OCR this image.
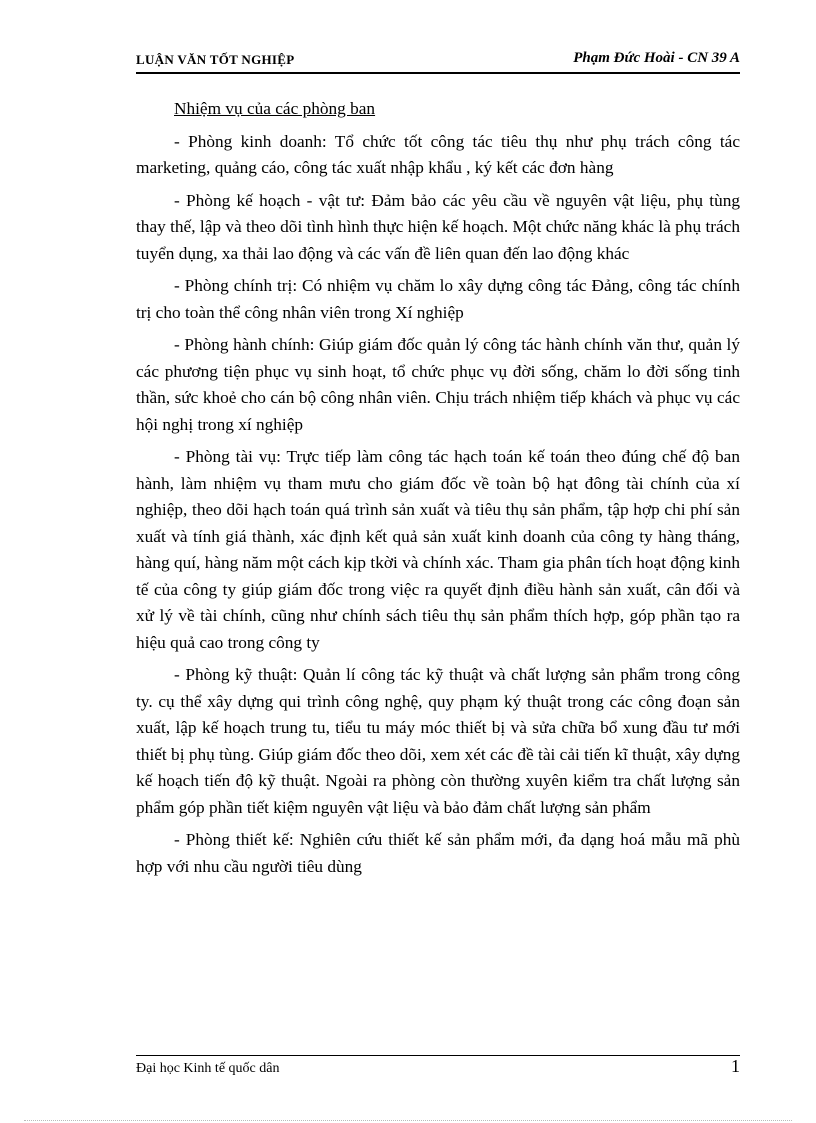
LUẬN VĂN TỐT NGHIỆP	Phạm Đức Hoài - CN 39 A

Nhiệm vụ của các phòng ban

- Phòng kinh doanh: Tổ chức tốt công tác tiêu thụ như phụ trách công tác marketing, quảng cáo, công tác xuất nhập khẩu , ký kết các đơn hàng

- Phòng kế hoạch - vật tư: Đảm bảo các yêu cầu về nguyên vật liệu, phụ tùng thay thế, lập và theo dõi tình hình thực hiện kế hoạch. Một chức năng khác là phụ trách tuyển dụng, xa thải lao động và các vấn đề liên quan đến lao động khác

- Phòng chính trị: Có nhiệm vụ chăm lo xây dựng công tác Đảng, công tác chính trị cho toàn thể công nhân viên trong Xí nghiệp

- Phòng hành chính: Giúp giám đốc quản lý công tác hành chính văn thư, quản lý các phương tiện phục vụ sinh hoạt, tổ chức phục vụ đời sống, chăm lo đời sống tinh thần, sức khoẻ cho cán bộ công nhân viên. Chịu trách nhiệm tiếp khách và phục vụ các hội nghị trong xí nghiệp

- Phòng tài vụ: Trực tiếp làm công tác hạch toán kế toán theo đúng chế độ ban hành, làm nhiệm vụ tham mưu cho giám đốc về toàn bộ hạt đông tài chính của xí nghiệp, theo dõi hạch toán quá trình sản xuất và tiêu thụ sản phẩm, tập hợp chi phí sản xuất và tính giá thành, xác định kết quả sản xuất kinh doanh của công ty hàng tháng, hàng quí, hàng năm một cách kịp tkời và chính xác. Tham gia phân tích hoạt động kinh tế của công ty giúp giám đốc trong việc ra quyết định điều hành sản xuất, cân đối và xử lý về tài chính, cũng như chính sách tiêu thụ sản phẩm thích hợp, góp phần tạo ra hiệu quả cao trong công ty

- Phòng kỹ thuật: Quản lí công tác kỹ thuật và chất lượng sản phẩm trong công ty. cụ thể xây dựng qui trình công nghệ, quy phạm ký thuật trong các công đoạn sản xuất, lập kế hoạch trung tu, tiểu tu máy móc thiết bị và sửa chữa bổ xung đầu tư mới thiết bị phụ tùng. Giúp giám đốc theo dõi, xem xét các đề tài cải tiến kĩ thuật, xây dựng kế hoạch tiến độ kỹ thuật. Ngoài ra phòng còn thường xuyên kiểm tra chất lượng sản phẩm góp phần tiết kiệm nguyên vật liệu và bảo đảm chất lượng sản phẩm

- Phòng thiết kế: Nghiên cứu thiết kế sản phẩm mới, đa dạng hoá mẫu mã phù hợp với nhu cầu người tiêu dùng

Đại học Kinh tế quốc dân	1
